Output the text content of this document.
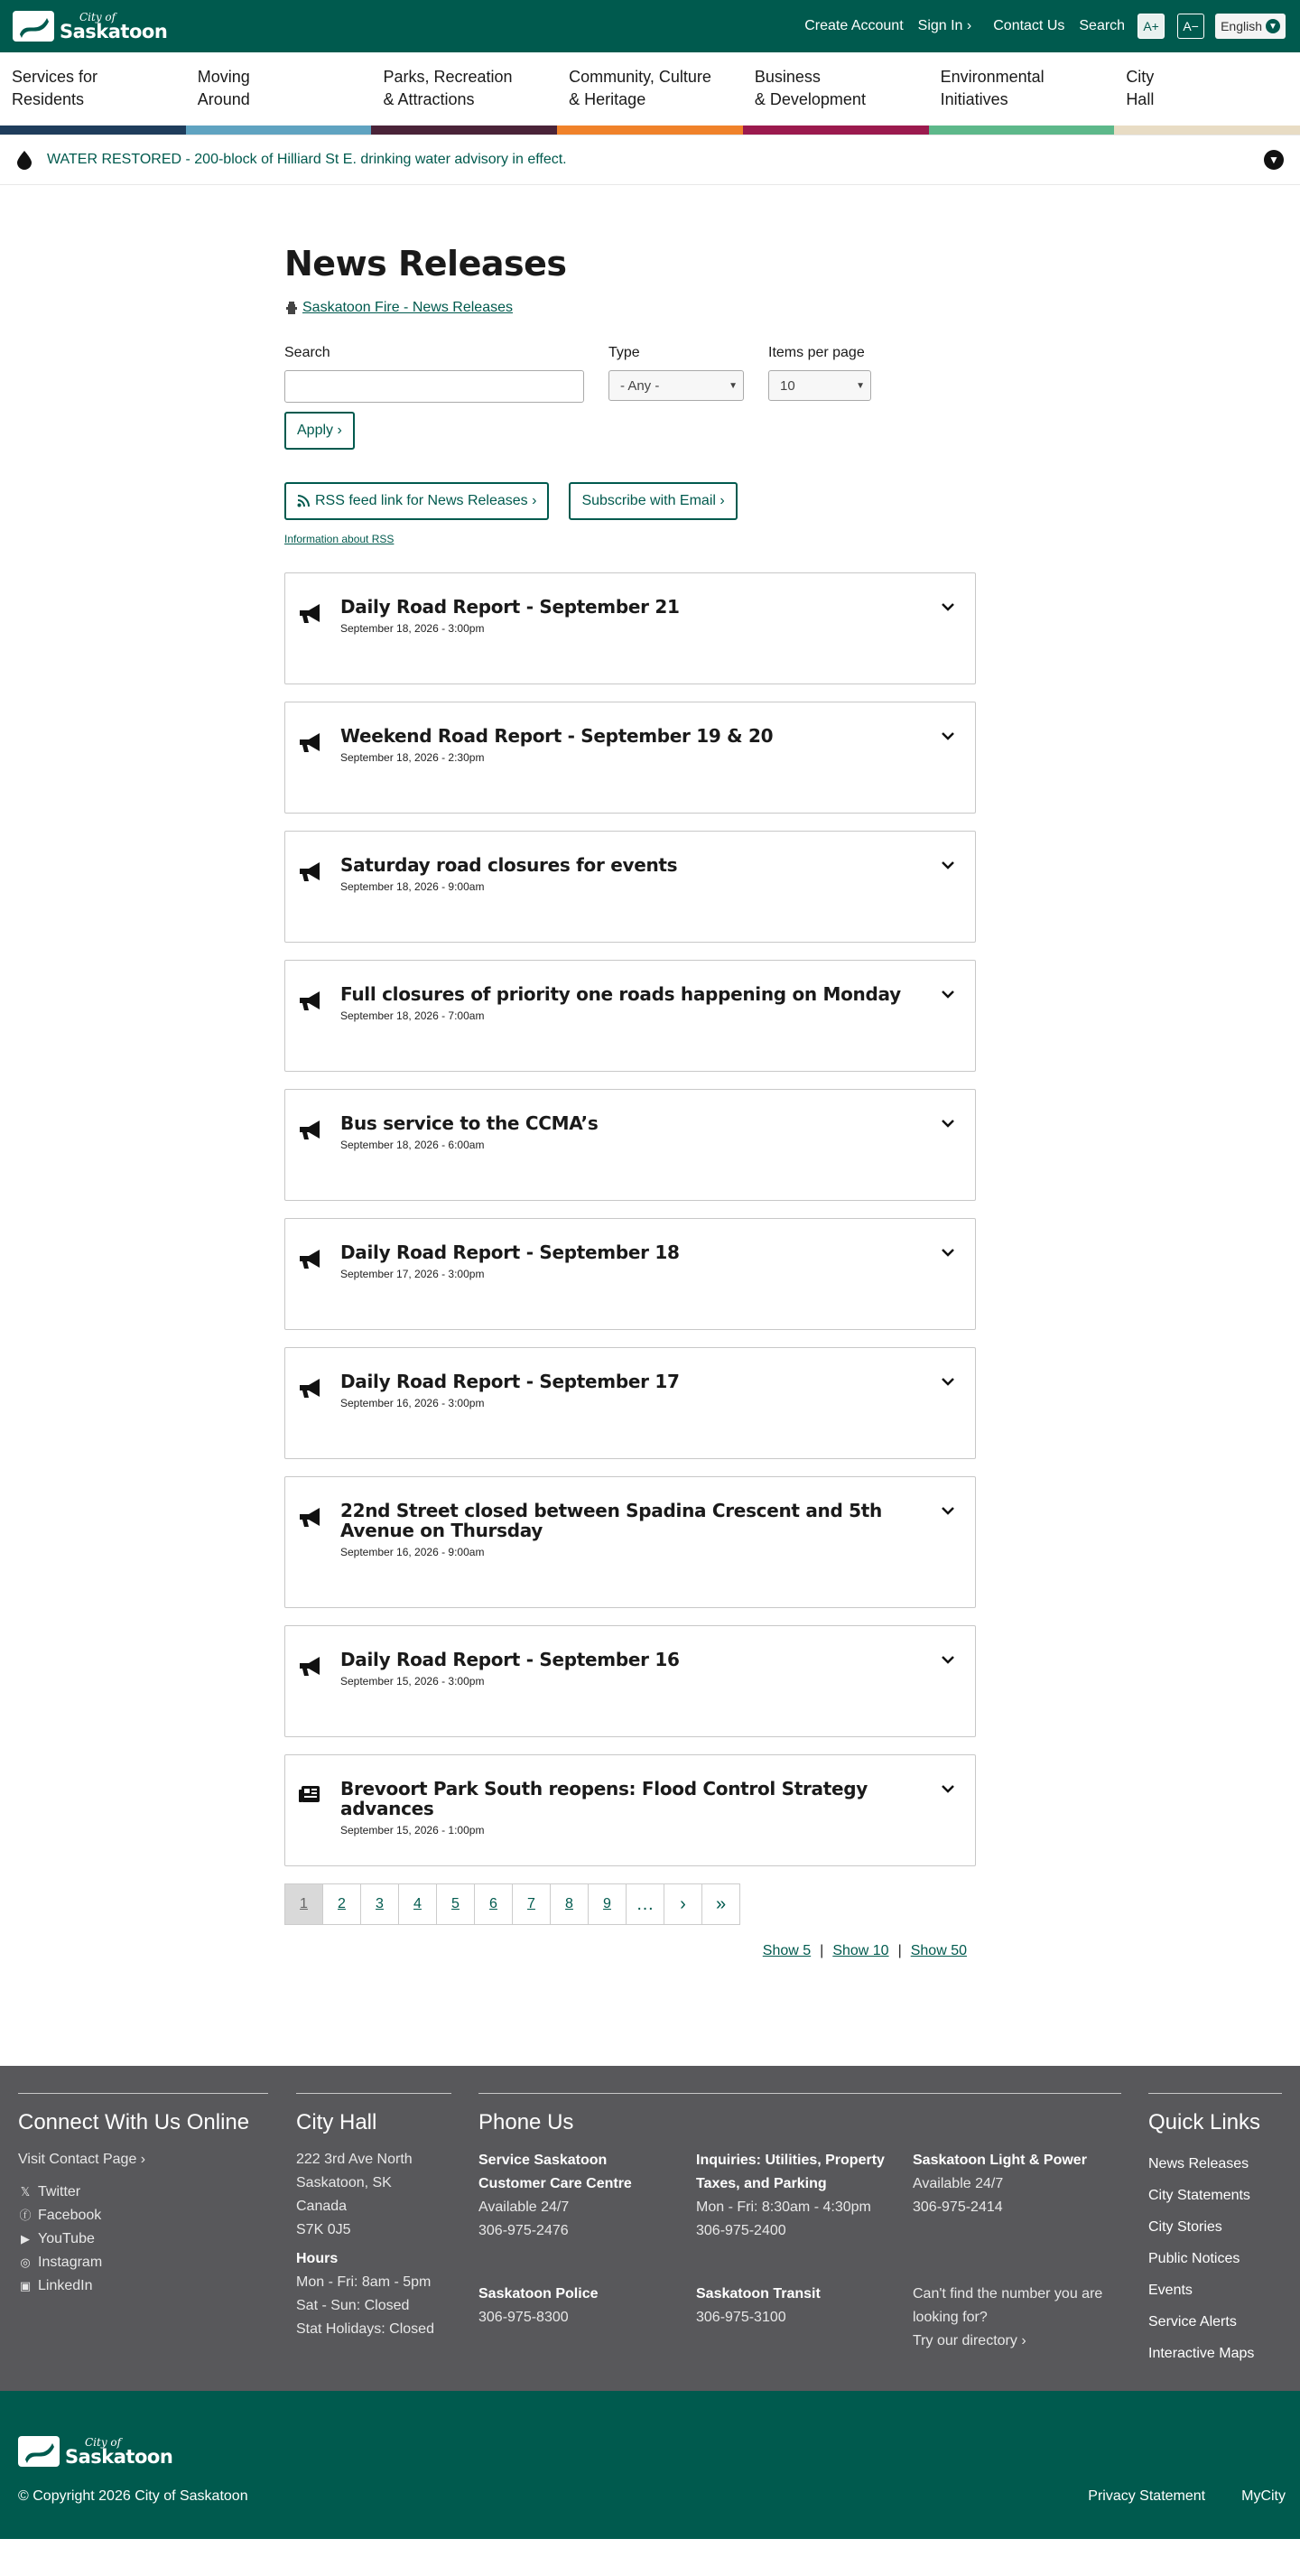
City of
Saskatoon	Create Account Sign In › Contact Us Search	A+	A−	English ▼
Services for
Residents
Moving
Around
Parks, Recreation
& Attractions
Community, Culture
& Heritage
Business
& Development
Environmental
Initiatives
City
Hall
WATER RESTORED - 200-block of Hilliard St E. drinking water advisory in effect.	▼
News Releases
Saskatoon Fire - News Releases
Search	Type
- Any -	▼
Items per page
10	▼
Apply ›
RSS feed link for News Releases ›	Subscribe with Email ›
Information about RSS
Daily Road Report - September 21
September 18, 2026 - 3:00pm
Weekend Road Report - September 19 & 20
September 18, 2026 - 2:30pm
Saturday road closures for events
September 18, 2026 - 9:00am
Full closures of priority one roads happening on Monday
September 18, 2026 - 7:00am
Bus service to the CCMA’s
September 18, 2026 - 6:00am
Daily Road Report - September 18
September 17, 2026 - 3:00pm
Daily Road Report - September 17
September 16, 2026 - 3:00pm
22nd Street closed between Spadina Crescent and 5th Avenue on Thursday
September 16, 2026 - 9:00am
Daily Road Report - September 16
September 15, 2026 - 3:00pm
Brevoort Park South reopens: Flood Control Strategy advances
September 15, 2026 - 1:00pm
1	2	3	4	5	6	7	8	9	…	›	»
Show 5 | Show 10 | Show 50
Connect With Us Online
Visit Contact Page ›
𝕏 Twitter
ⓕ Facebook
▶ YouTube
◎ Instagram
▣ LinkedIn
City Hall

222 3rd Ave North

Saskatoon, SK

Canada

S7K 0J5

Hours

Mon - Fri: 8am - 5pm

Sat - Sun: Closed

Stat Holidays: Closed

Phone Us

Service Saskatoon Customer Care Centre

Available 24/7

306-975-2476

Inquiries: Utilities, Property Taxes, and Parking

Mon - Fri: 8:30am - 4:30pm

306-975-2400

Saskatoon Light & Power

Available 24/7

306-975-2414

Saskatoon Police

306-975-8300

Saskatoon Transit

306-975-3100

Can't find the number you are looking for?

Try our directory ›
Quick Links
News Releases
City Statements
City Stories
Public Notices
Events
Service Alerts
Interactive Maps
City of
Saskatoon
© Copyright 2026 City of Saskatoon	Privacy Statement	MyCity
